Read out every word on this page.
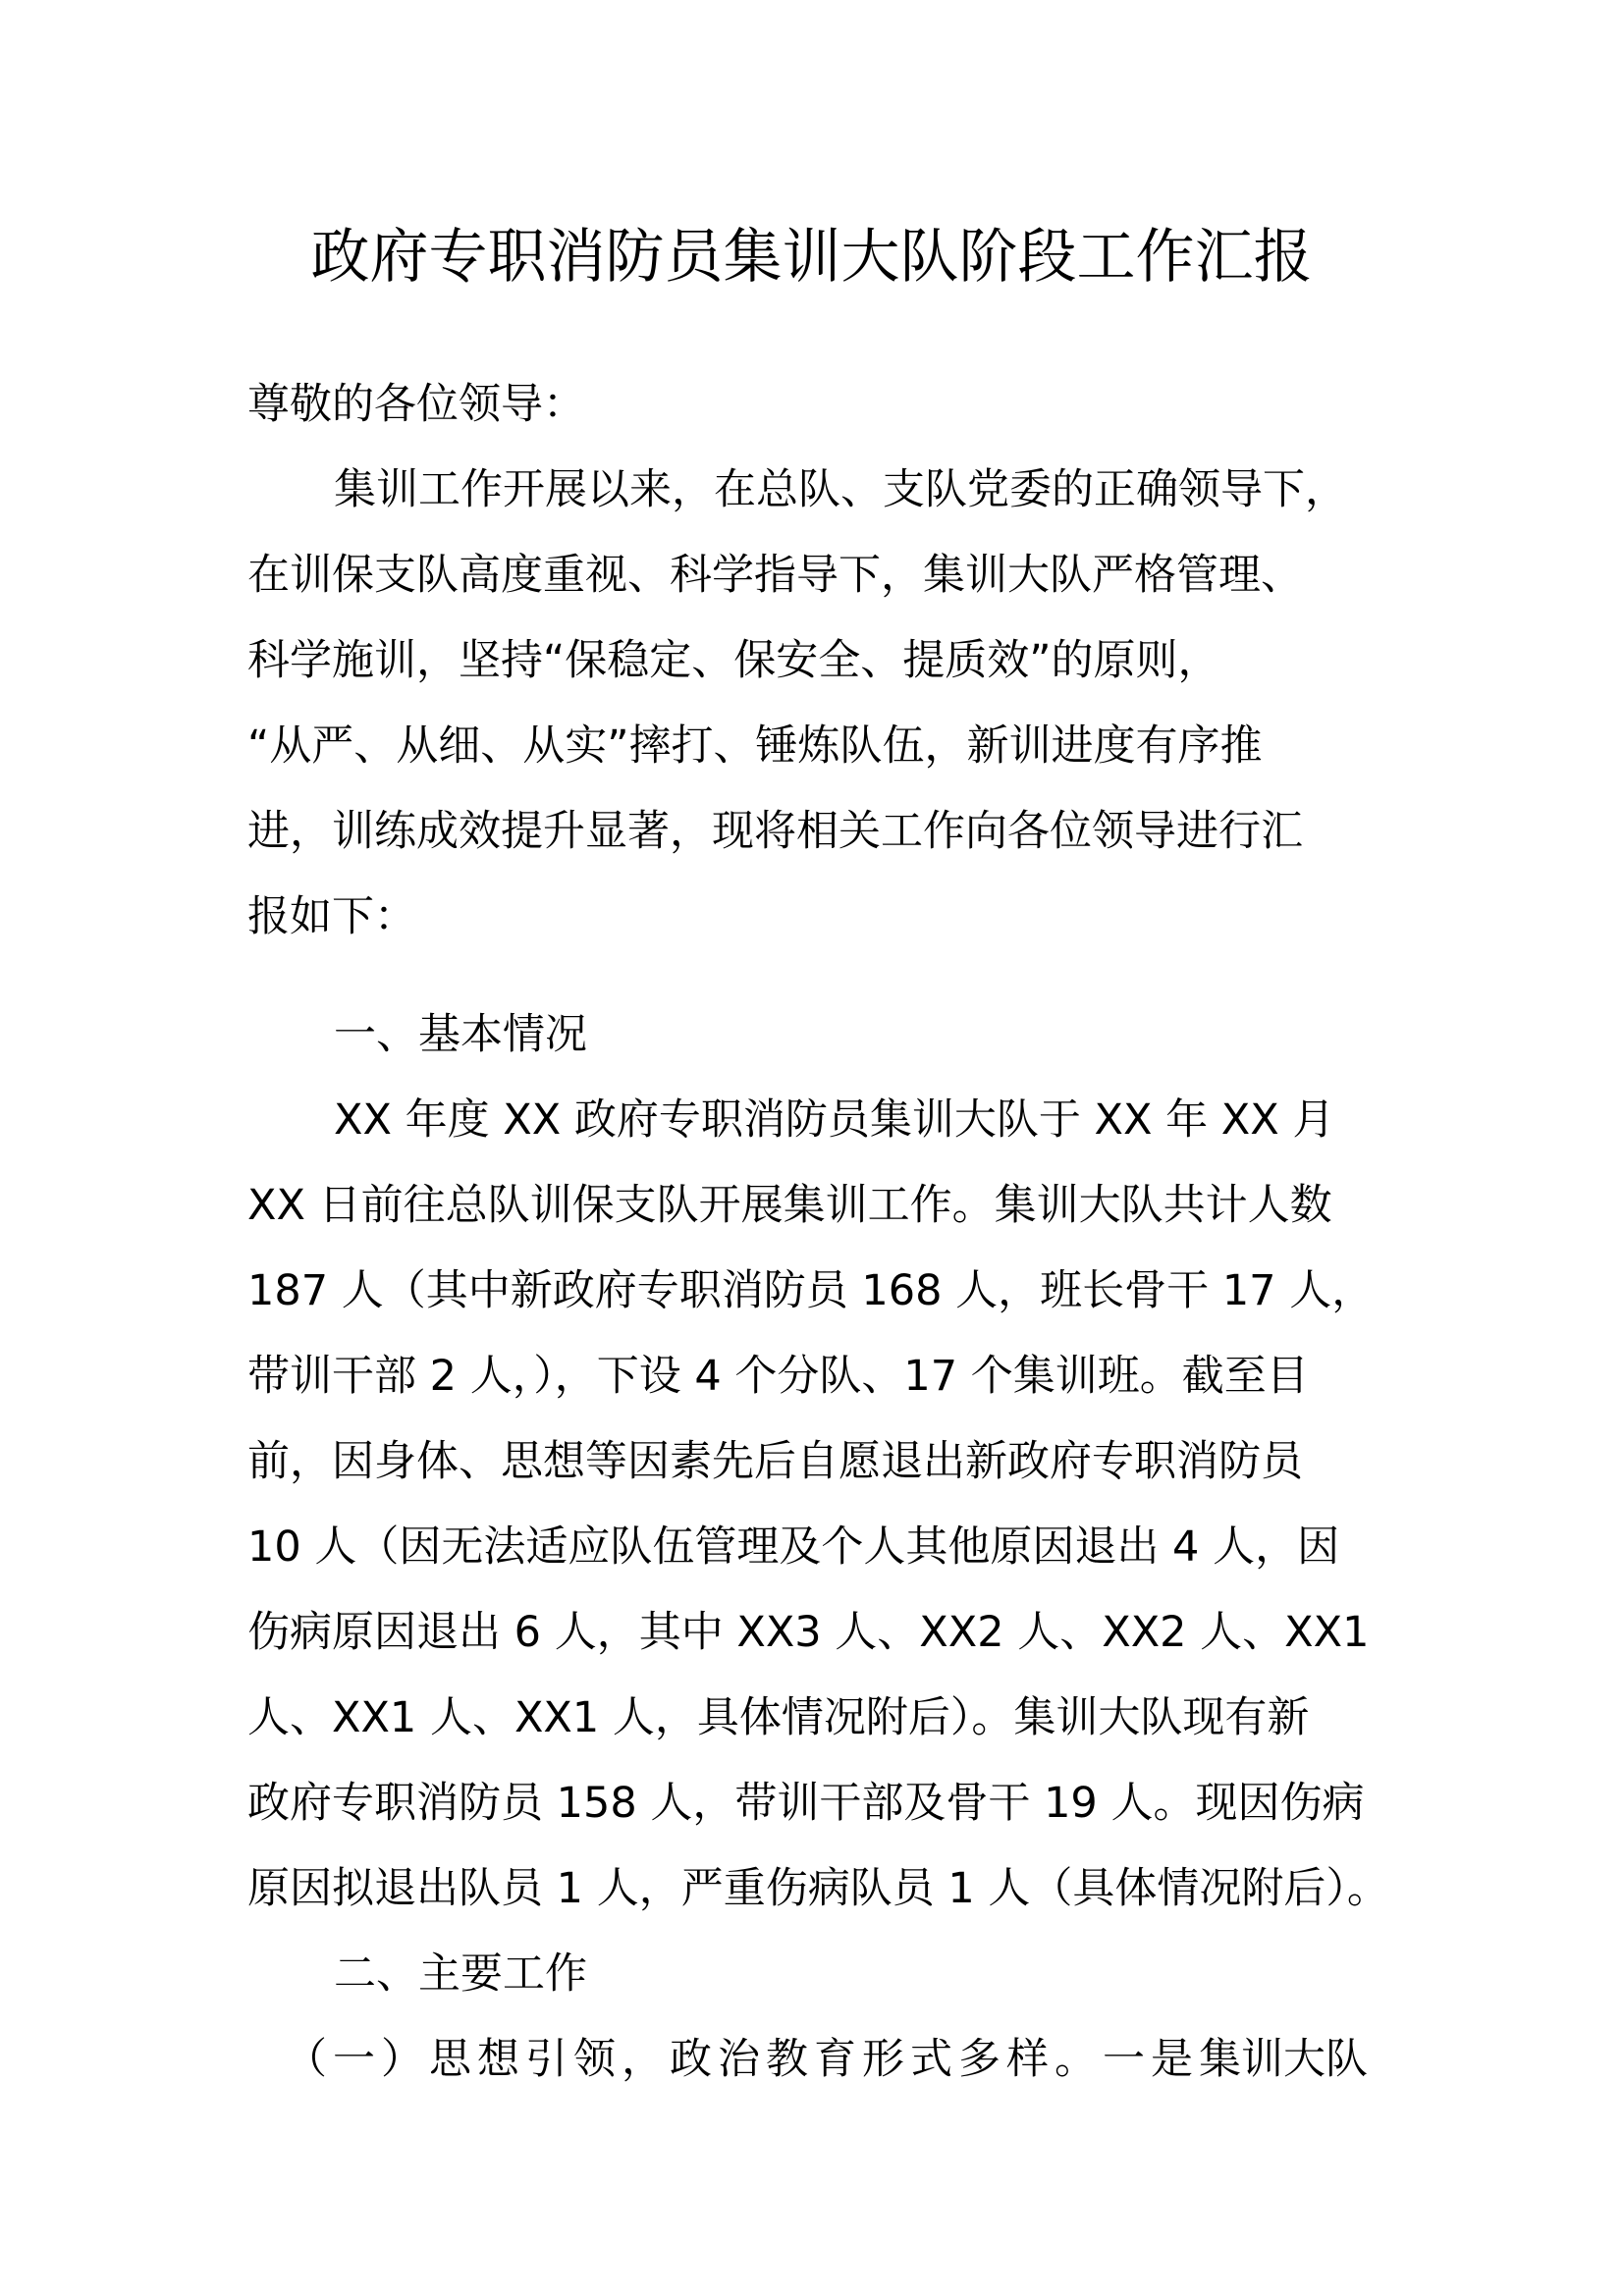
政府专职消防员集训大队阶段工作汇报
尊敬的各位领导：
集训工作开展以来，在总队、支队党委的正确领导下，
在训保支队高度重视、科学指导下，集训大队严格管理、
科学施训，坚持“保稳定、保安全、提质效”的原则，
“从严、从细、从实”摔打、锤炼队伍，新训进度有序推
进，训练成效提升显著，现将相关工作向各位领导进行汇
报如下：
一、基本情况
XX 年度 XX 政府专职消防员集训大队于 XX 年 XX 月
XX 日前往总队训保支队开展集训工作。集训大队共计人数
187 人（其中新政府专职消防员 168 人，班长骨干 17 人，
带训干部 2 人，），下设 4 个分队、17 个集训班。截至目
前，因身体、思想等因素先后自愿退出新政府专职消防员
10 人（因无法适应队伍管理及个人其他原因退出 4 人，因
伤病原因退出 6 人，其中 XX3 人、XX2 人、XX2 人、XX1
人、XX1 人、XX1 人，具体情况附后）。集训大队现有新
政府专职消防员 158 人，带训干部及骨干 19 人。现因伤病
原因拟退出队员 1 人，严重伤病队员 1 人（具体情况附后）。
二、主要工作
（一）思想引领，政治教育形式多样。一是集训大队
